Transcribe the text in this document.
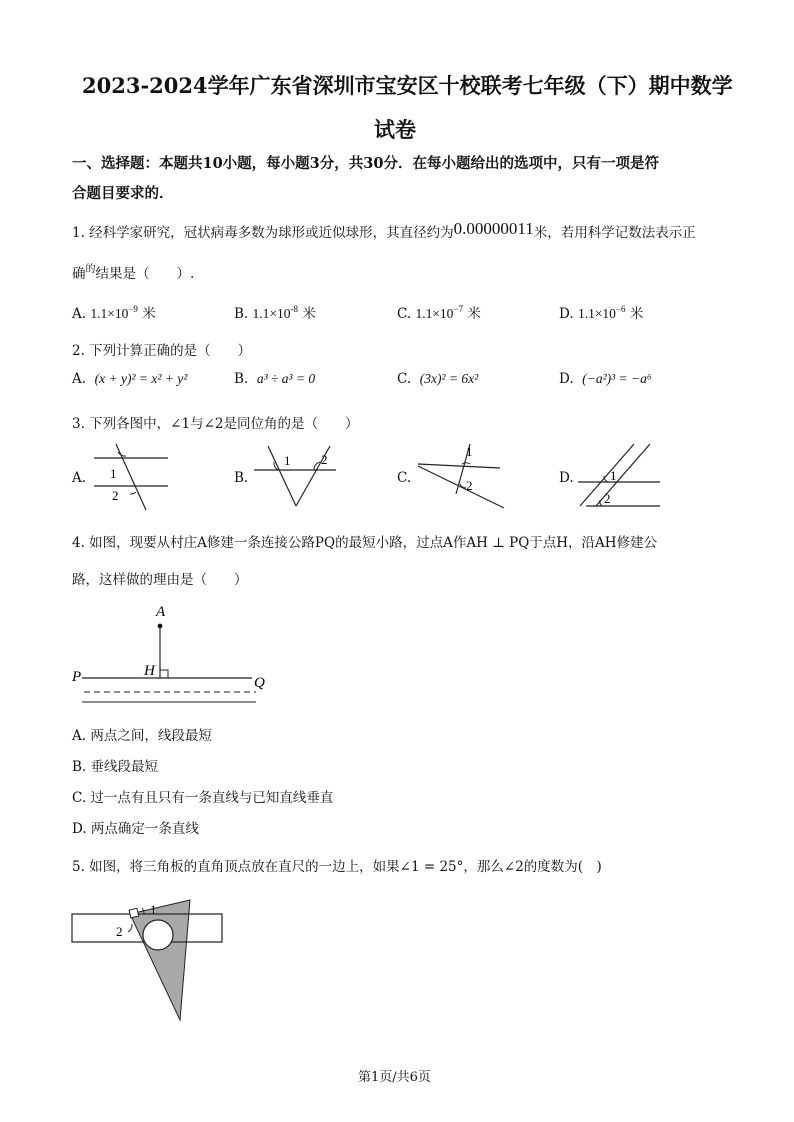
2023-2024学年广东省深圳市宝安区十校联考七年级（下）期中数学
试卷
一、选择题：本题共10小题，每小题3分，共30分．在每小题给出的选项中，只有一项是符
合题目要求的．
1. 经科学家研究，冠状病毒多数为球形或近似球形，其直径约为0.00000011米，若用科学记数法表示正
确$^的$结果是（　　）.
A. $1.1\times 10^{-9}$ 米	B. $1.1\times 10^{-8}$ 米	C. $1.1\times 10^{-7}$ 米	D. $1.1\times 10^{-6}$ 米
2. 下列计算正确的是（　　）
A. (x + y)² = x² + y²	B. a³ ÷ a³ = 0	C. (3x)² = 6x²	D. (−a²)³ = −a⁶
3. 下列各图中，∠1与∠2是同位角的是（　　）
A.	B.	C.	D.
1
2
1 2
1
2
1
2
4. 如图，现要从村庄A修建一条连接公路PQ的最短小路，过点A作AH ⊥ PQ于点H，沿AH修建公
路，这样做的理由是（　　）
A
H
P	Q
A. 两点之间，线段最短
B. 垂线段最短
C. 过一点有且只有一条直线与已知直线垂直
D. 两点确定一条直线
5. 如图，将三角板的直角顶点放在直尺的一边上，如果∠1 = 25°，那么∠2的度数为(　)
1
2
第1页/共6页
